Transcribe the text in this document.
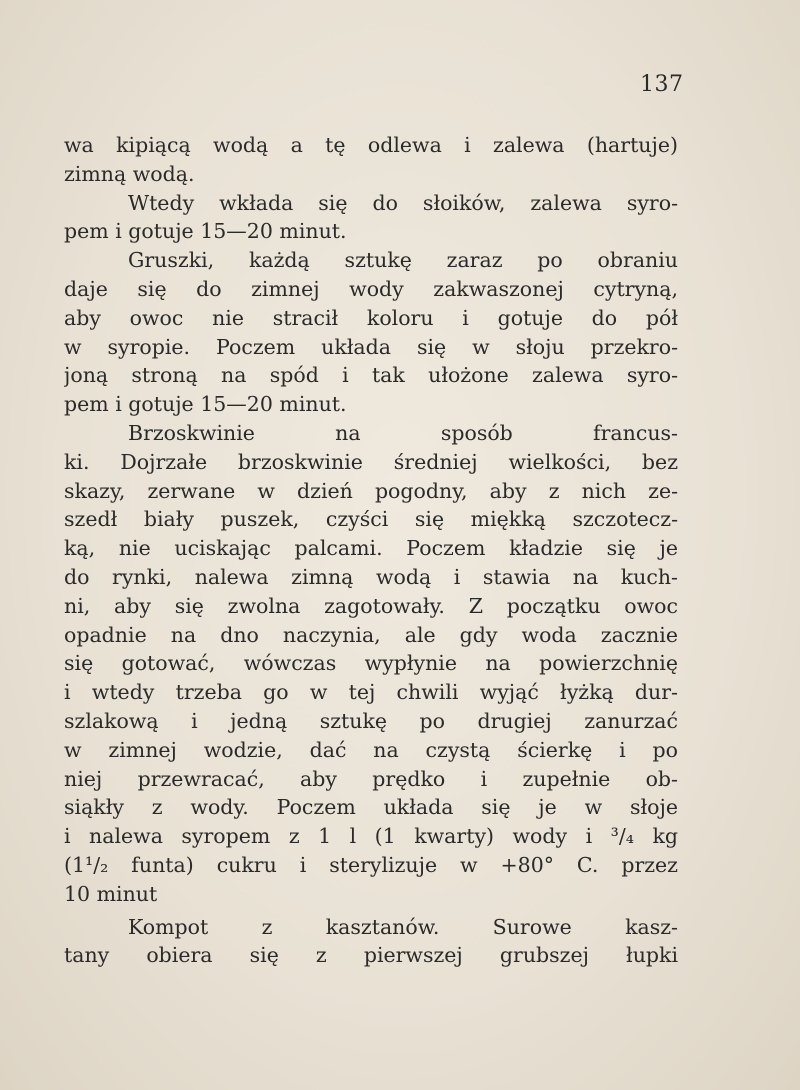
137
wa kipiącą wodą a tę odlewa i zalewa (hartuje)
zimną wodą.
Wtedy wkłada się do słoików, zalewa syro-
pem i gotuje 15—20 minut.
Gruszki, każdą sztukę zaraz po obraniu
daje się do zimnej wody zakwaszonej cytryną,
aby owoc nie stracił koloru i gotuje do pół
w syropie. Poczem układa się w słoju przekro-
joną stroną na spód i tak ułożone zalewa syro-
pem i gotuje 15—20 minut.
Brzoskwinie na sposób francus-
ki. Dojrzałe brzoskwinie średniej wielkości, bez
skazy, zerwane w dzień pogodny, aby z nich ze-
szedł biały puszek, czyści się miękką szczotecz-
ką, nie uciskając palcami. Poczem kładzie się je
do rynki, nalewa zimną wodą i stawia na kuch-
ni, aby się zwolna zagotowały. Z początku owoc
opadnie na dno naczynia, ale gdy woda zacznie
się gotować, wówczas wypłynie na powierzchnię
i wtedy trzeba go w tej chwili wyjąć łyżką dur-
szlakową i jedną sztukę po drugiej zanurzać
w zimnej wodzie, dać na czystą ścierkę i po
niej przewracać, aby prędko i zupełnie ob-
siąkły z wody. Poczem układa się je w słoje
i nalewa syropem z 1 l (1 kwarty) wody i ³/₄ kg
(1¹/₂ funta) cukru i sterylizuje w +80° C. przez
10 minut
Kompot z kasztanów. Surowe kasz-
tany obiera się z pierwszej grubszej łupki
